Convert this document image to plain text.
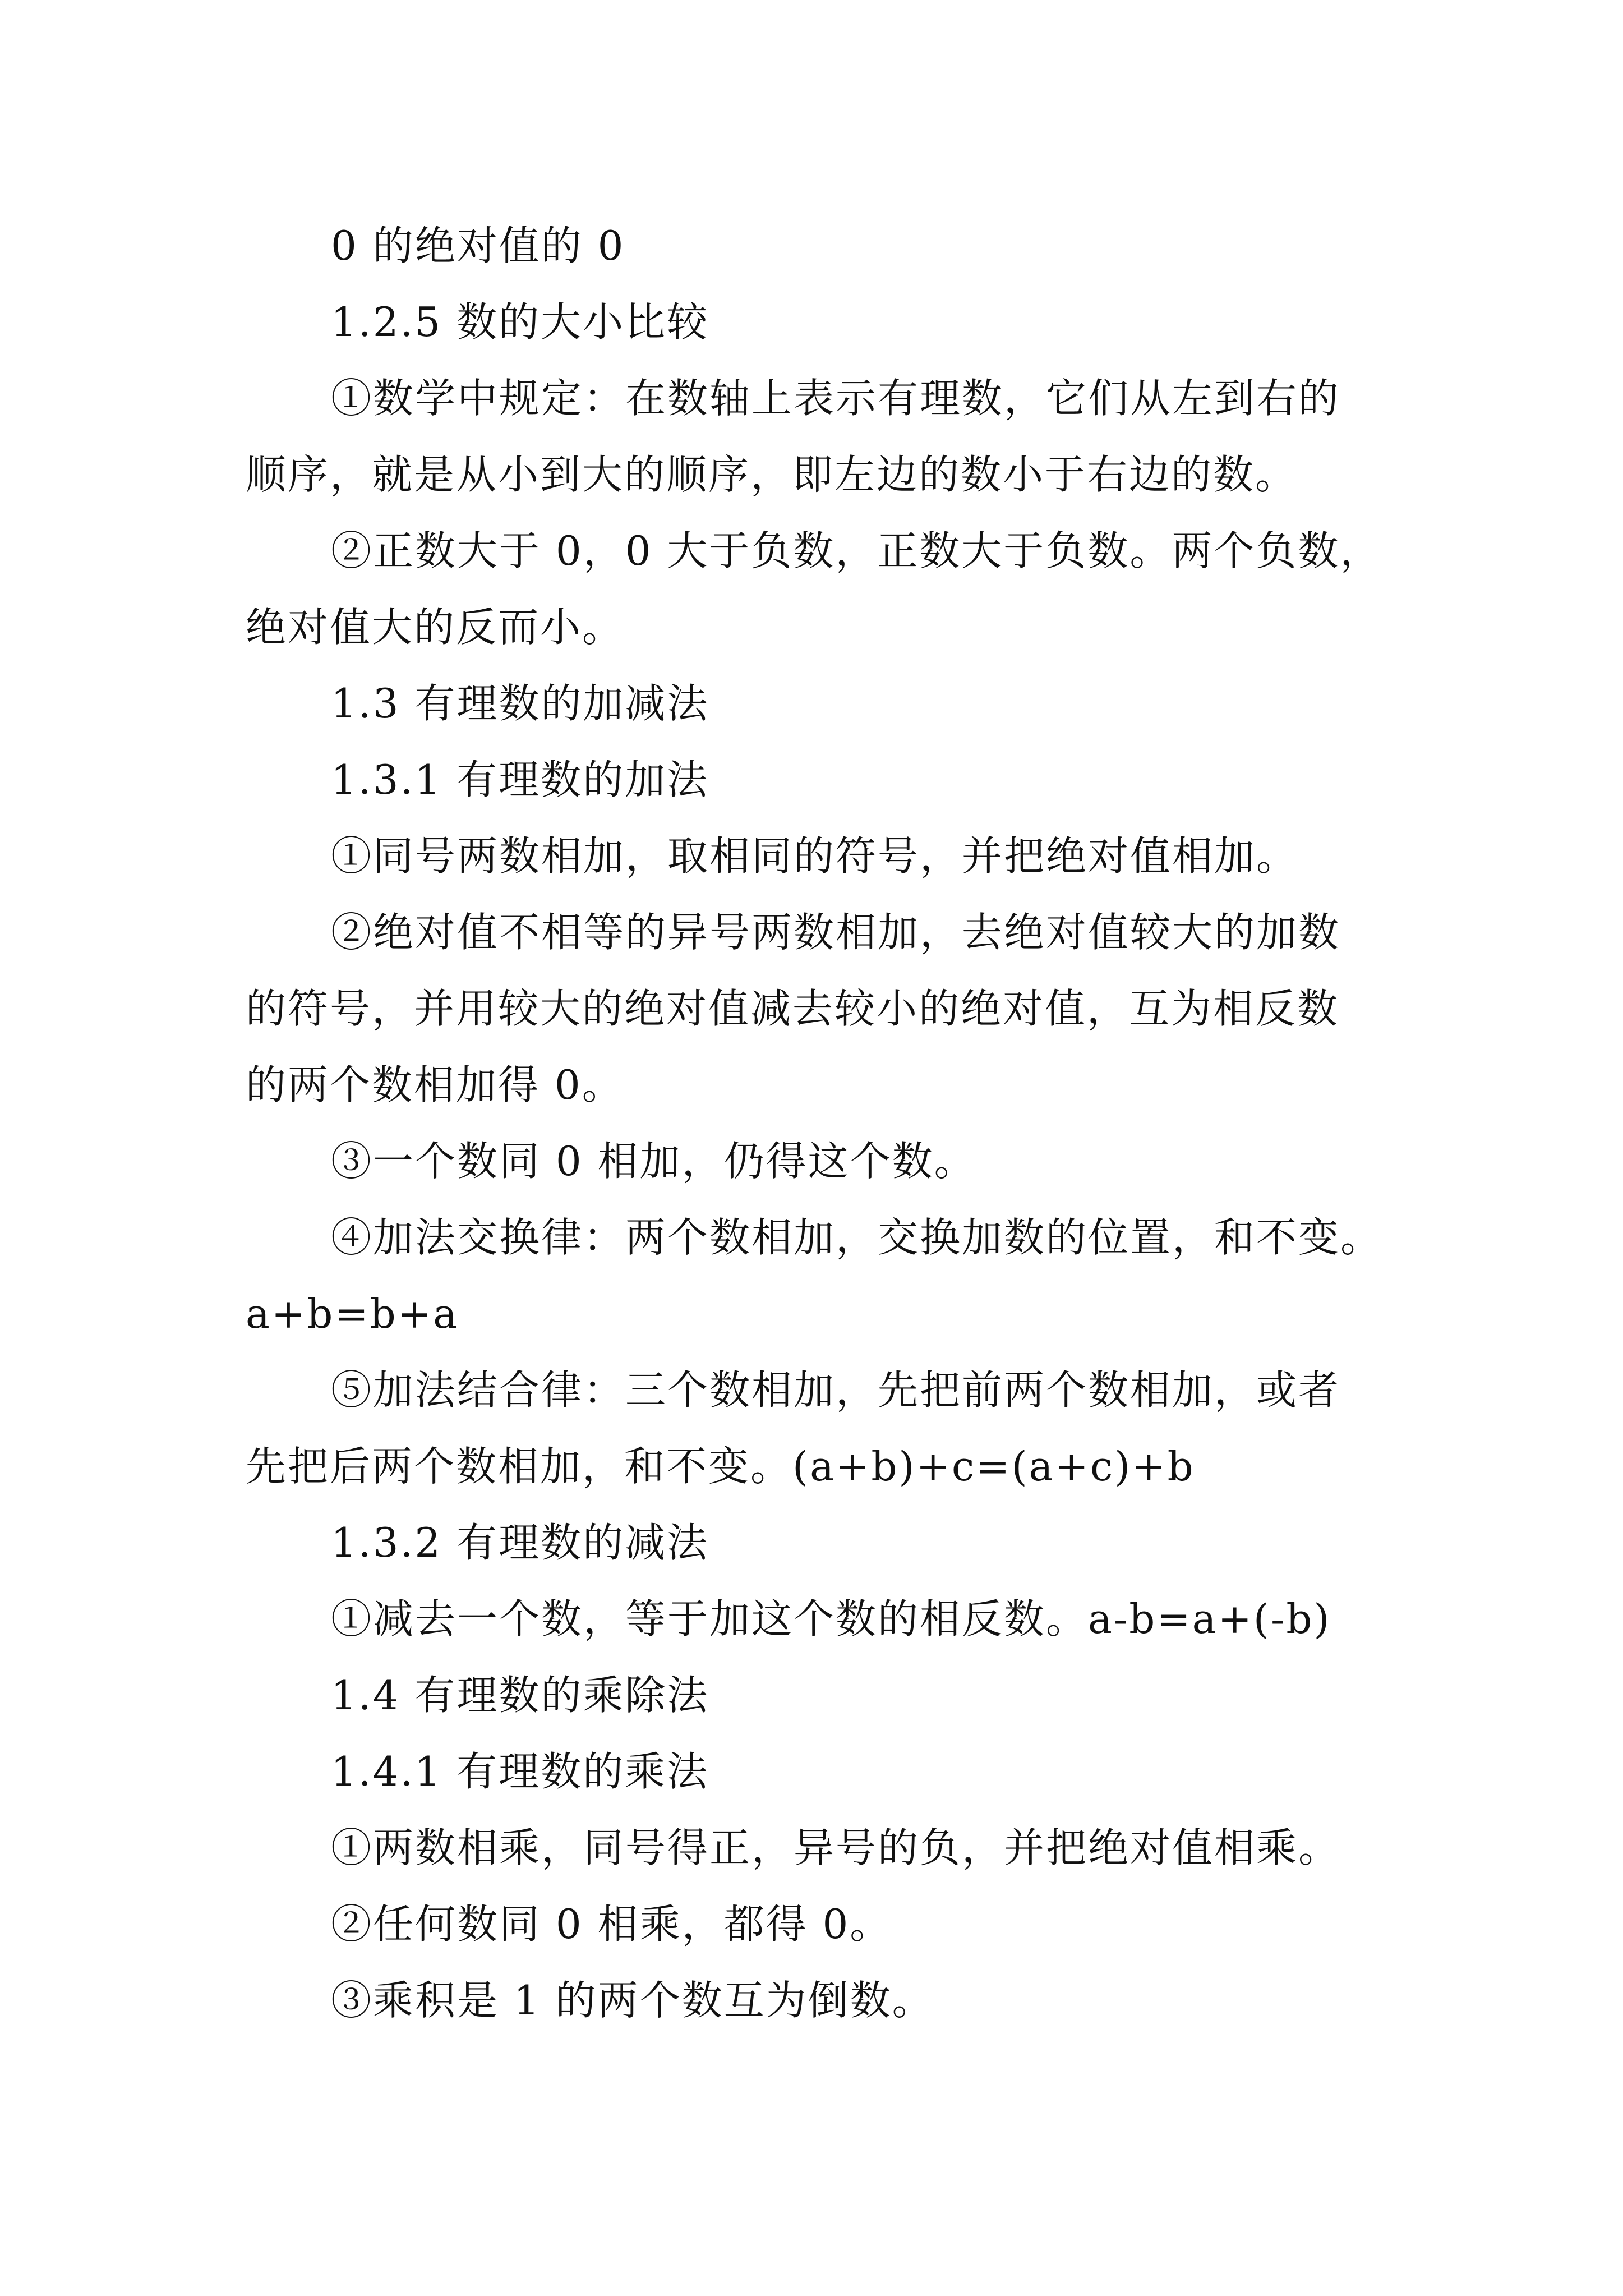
0 的绝对值的 0
1.2.5 数的大小比较
①数学中规定：在数轴上表示有理数，它们从左到右的
顺序，就是从小到大的顺序，即左边的数小于右边的数。
②正数大于 0，0 大于负数，正数大于负数。两个负数，
绝对值大的反而小。
1.3 有理数的加减法
1.3.1 有理数的加法
①同号两数相加，取相同的符号，并把绝对值相加。
②绝对值不相等的异号两数相加，去绝对值较大的加数
的符号，并用较大的绝对值减去较小的绝对值，互为相反数
的两个数相加得 0。
③一个数同 0 相加，仍得这个数。
④加法交换律：两个数相加，交换加数的位置，和不变。
a+b=b+a
⑤加法结合律：三个数相加，先把前两个数相加，或者
先把后两个数相加，和不变。(a+b)+c=(a+c)+b
1.3.2 有理数的减法
①减去一个数，等于加这个数的相反数。a-b=a+(-b)
1.4 有理数的乘除法
1.4.1 有理数的乘法
①两数相乘，同号得正，异号的负，并把绝对值相乘。
②任何数同 0 相乘，都得 0。
③乘积是 1 的两个数互为倒数。
